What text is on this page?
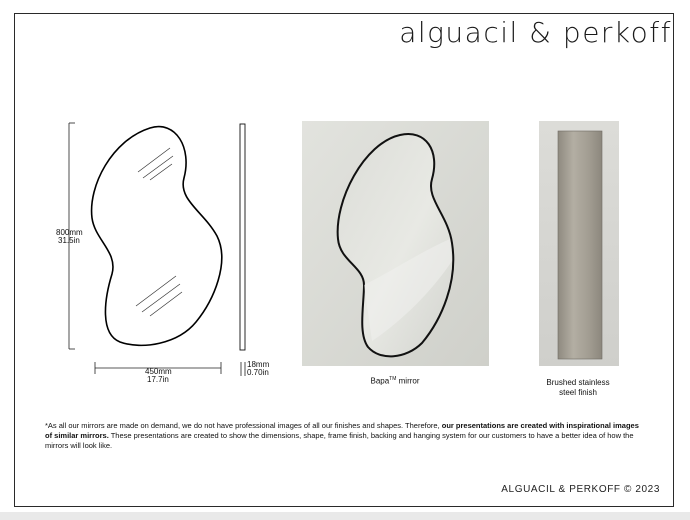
alguacil & perkoff
800mm
31.5in
450mm
17.7in
18mm
0.70in
Bapa™ mirror	Brushed stainless
steel finish
*As all our mirrors are made on demand, we do not have professional images of all our finishes and shapes. Therefore, our presentations are created with inspirational images of similar mirrors. These presentations are created to show the dimensions, shape, frame finish, backing and hanging system for our customers to have a better idea of how the mirrors will look like.
ALGUACIL & PERKOFF © 2023
